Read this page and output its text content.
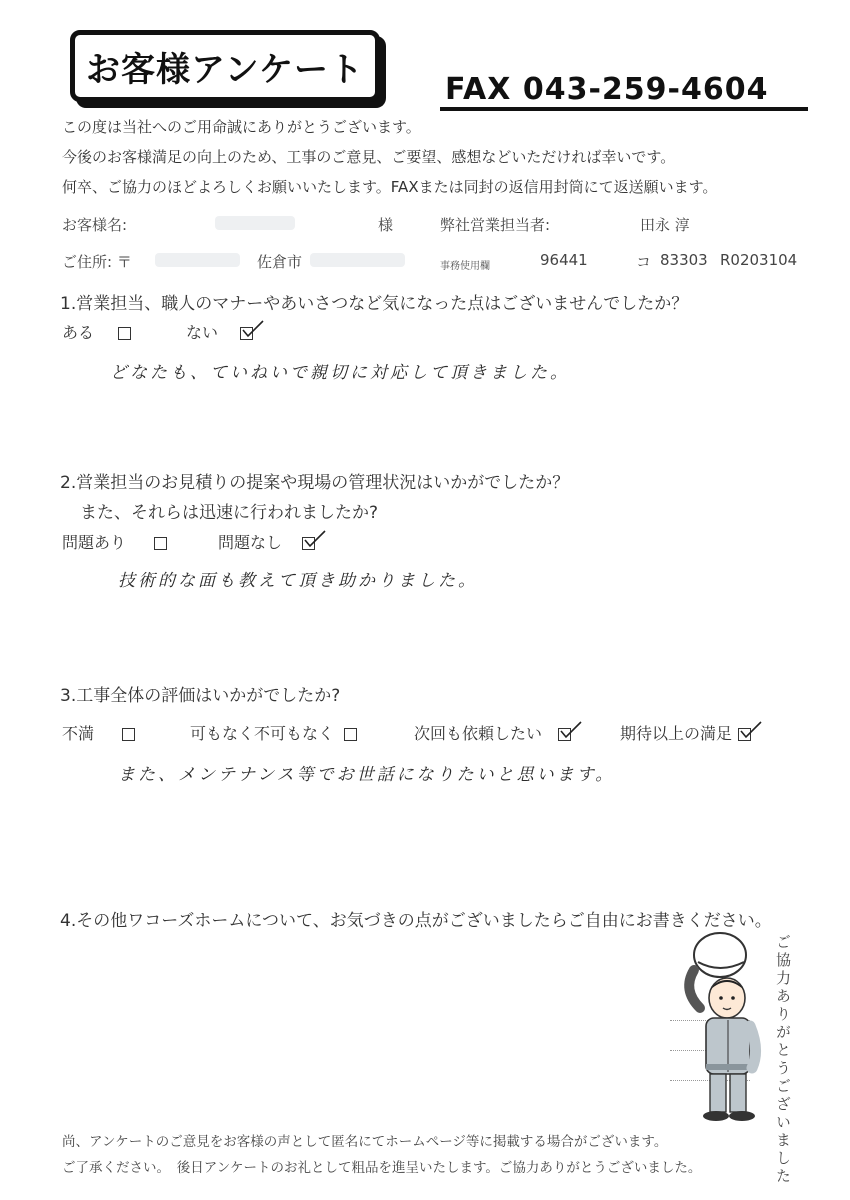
お客様アンケート	FAX 043-259-4604
この度は当社へのご用命誠にありがとうございます。
今後のお客様満足の向上のため、工事のご意見、ご要望、感想などいただければ幸いです。
何卒、ご協力のほどよろしくお願いいたします。FAXまたは同封の返信用封筒にて返送願います。
お客様名:	様	弊社営業担当者:	田永 淳
ご住所: 〒	佐倉市	事務使用欄	96441	コ 83303 R0203104
1.営業担当、職人のマナーやあいさつなど気になった点はございませんでしたか？
ある	ない
どなたも、ていねいで親切に対応して頂きました。
2.営業担当のお見積りの提案や現場の管理状況はいかがでしたか？
また、それらは迅速に行われましたか?
問題あり	問題なし
技術的な面も教えて頂き助かりました。
3.工事全体の評価はいかがでしたか?
不満	可もなく不可もなく	次回も依頼したい	期待以上の満足
また、メンテナンス等でお世話になりたいと思います。
4.その他ワコーズホームについて、お気づきの点がございましたらご自由にお書きください。
ご協力ありがとうございました
尚、アンケートのご意見をお客様の声として匿名にてホームページ等に掲載する場合がございます。
ご了承ください。　後日アンケートのお礼として粗品を進呈いたします。ご協力ありがとうございました。
